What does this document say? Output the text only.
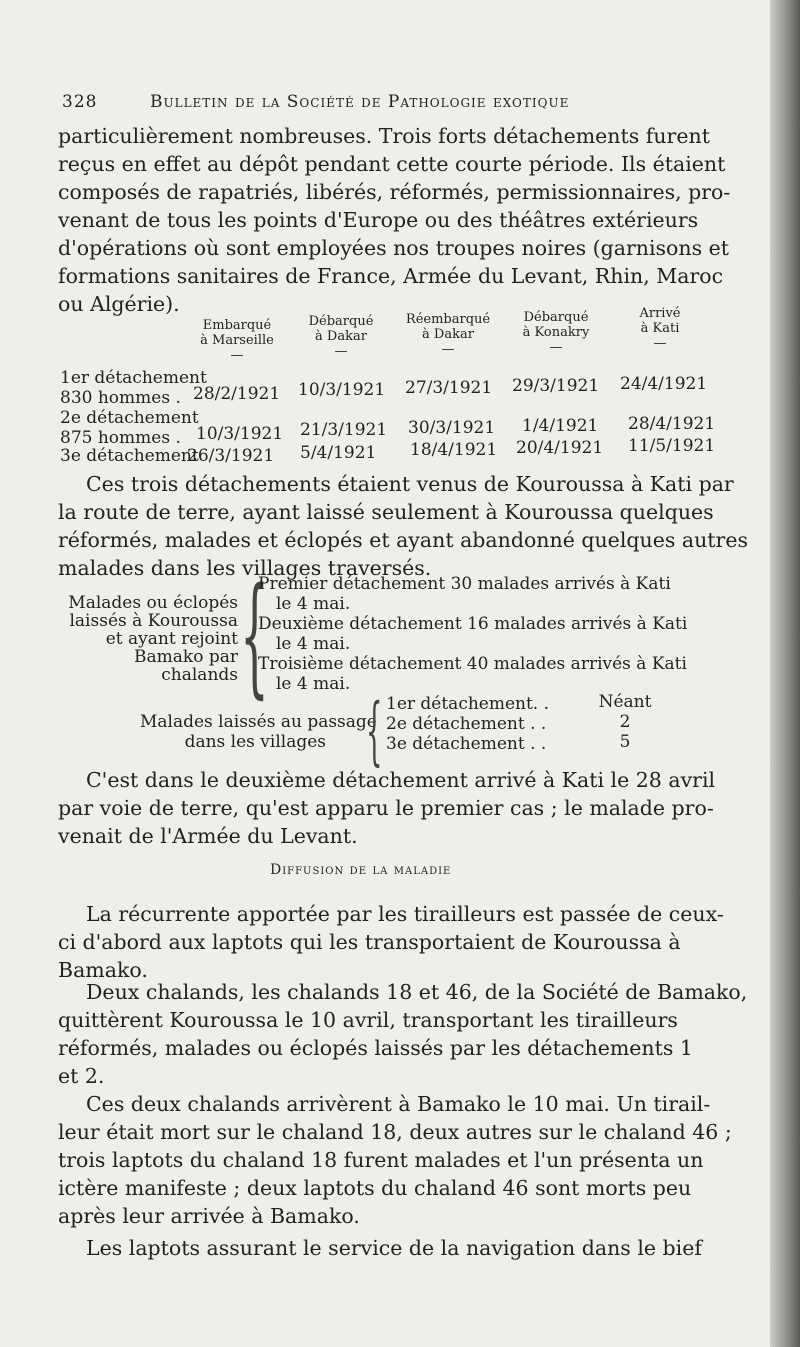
328	Bulletin de la Société de Pathologie exotique
particulièrement nombreuses. Trois forts détachements furent
reçus en effet au dépôt pendant cette courte période. Ils étaient
composés de rapatriés, libérés, réformés, permissionnaires, pro-
venant de tous les points d'Europe ou des théâtres extérieurs
d'opérations où sont employées nos troupes noires (garnisons et
formations sanitaires de France, Armée du Levant, Rhin, Maroc
ou Algérie).
Embarqué
à Marseille
—
Débarqué
à Dakar
—
Réembarqué
à Dakar
—
Débarqué
à Konakry
—
Arrivé
à Kati
—
1er détachement
830 hommes . 28/2/1921 10/3/1921 27/3/1921 29/3/1921 24/4/1921
2e détachement
875 hommes . 10/3/1921 21/3/1921 30/3/1921 1/4/1921 28/4/1921
3e détachement
26/3/1921 5/4/1921 18/4/1921 20/4/1921 11/5/1921
Ces trois détachements étaient venus de Kouroussa à Kati par
la route de terre, ayant laissé seulement à Kouroussa quelques
réformés, malades et éclopés et ayant abandonné quelques autres
malades dans les villages traversés.
Malades ou éclopés
laissés à Kouroussa
et ayant rejoint
Bamako par
chalands {
Premier détachement 30 malades arrivés à Kati
le 4 mai.
Deuxième détachement 16 malades arrivés à Kati
le 4 mai.
Troisième détachement 40 malades arrivés à Kati
le 4 mai.
Malades laissés au passage
dans les villages { 1er détachement. .
2e détachement . .
3e détachement . .
Néant
2
5
C'est dans le deuxième détachement arrivé à Kati le 28 avril
par voie de terre, qu'est apparu le premier cas ; le malade pro-
venait de l'Armée du Levant.
Diffusion de la maladie
La récurrente apportée par les tirailleurs est passée de ceux-
ci d'abord aux laptots qui les transportaient de Kouroussa à
Bamako.
Deux chalands, les chalands 18 et 46, de la Société de Bamako,
quittèrent Kouroussa le 10 avril, transportant les tirailleurs
réformés, malades ou éclopés laissés par les détachements 1
et 2.
Ces deux chalands arrivèrent à Bamako le 10 mai. Un tirail-
leur était mort sur le chaland 18, deux autres sur le chaland 46 ;
trois laptots du chaland 18 furent malades et l'un présenta un
ictère manifeste ; deux laptots du chaland 46 sont morts peu
après leur arrivée à Bamako.
Les laptots assurant le service de la navigation dans le bief
